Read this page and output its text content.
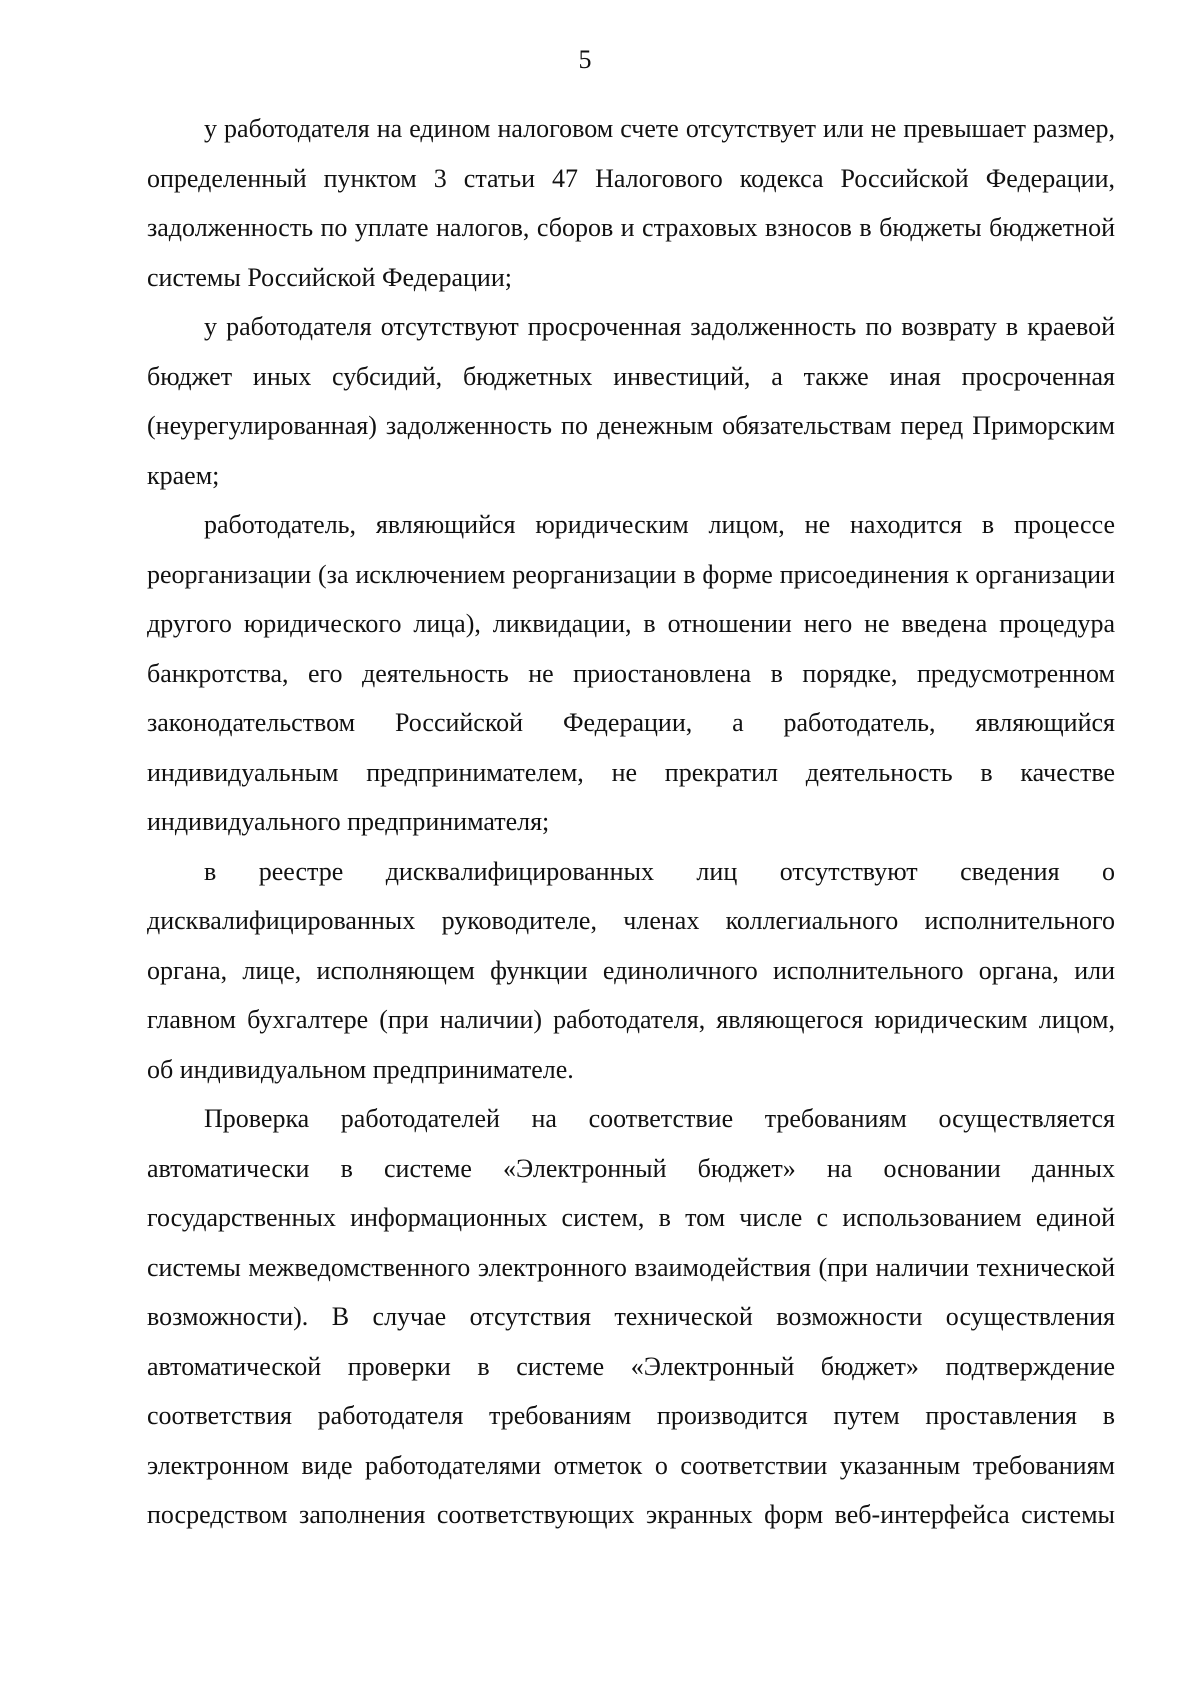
5

у работодателя на едином налоговом счете отсутствует или не превышает размер, определенный пунктом 3 статьи 47 Налогового кодекса Российской Федерации, задолженность по уплате налогов, сборов и страховых взносов в бюджеты бюджетной системы Российской Федерации;

у работодателя отсутствуют просроченная задолженность по возврату в краевой бюджет иных субсидий, бюджетных инвестиций, а также иная просроченная (неурегулированная) задолженность по денежным обязательствам перед Приморским краем;

работодатель, являющийся юридическим лицом, не находится в процессе реорганизации (за исключением реорганизации в форме присоединения к организации другого юридического лица), ликвидации, в отношении него не введена процедура банкротства, его деятельность не приостановлена в порядке, предусмотренном законодательством Российской Федерации, а работодатель, являющийся индивидуальным предпринимателем, не прекратил деятельность в качестве индивидуального предпринимателя;

в реестре дисквалифицированных лиц отсутствуют сведения о дисквалифицированных руководителе, членах коллегиального исполнительного органа, лице, исполняющем функции единоличного исполнительного органа, или главном бухгалтере (при наличии) работодателя, являющегося юридическим лицом, об индивидуальном предпринимателе.

Проверка работодателей на соответствие требованиям осуществляется автоматически в системе «Электронный бюджет» на основании данных государственных информационных систем, в том числе с использованием единой системы межведомственного электронного взаимодействия (при наличии технической возможности). В случае отсутствия технической возможности осуществления автоматической проверки в системе «Электронный бюджет» подтверждение соответствия работодателя требованиям производится путем проставления в электронном виде работодателями отметок о соответствии указанным требованиям посредством заполнения соответствующих экранных форм веб-интерфейса системы
